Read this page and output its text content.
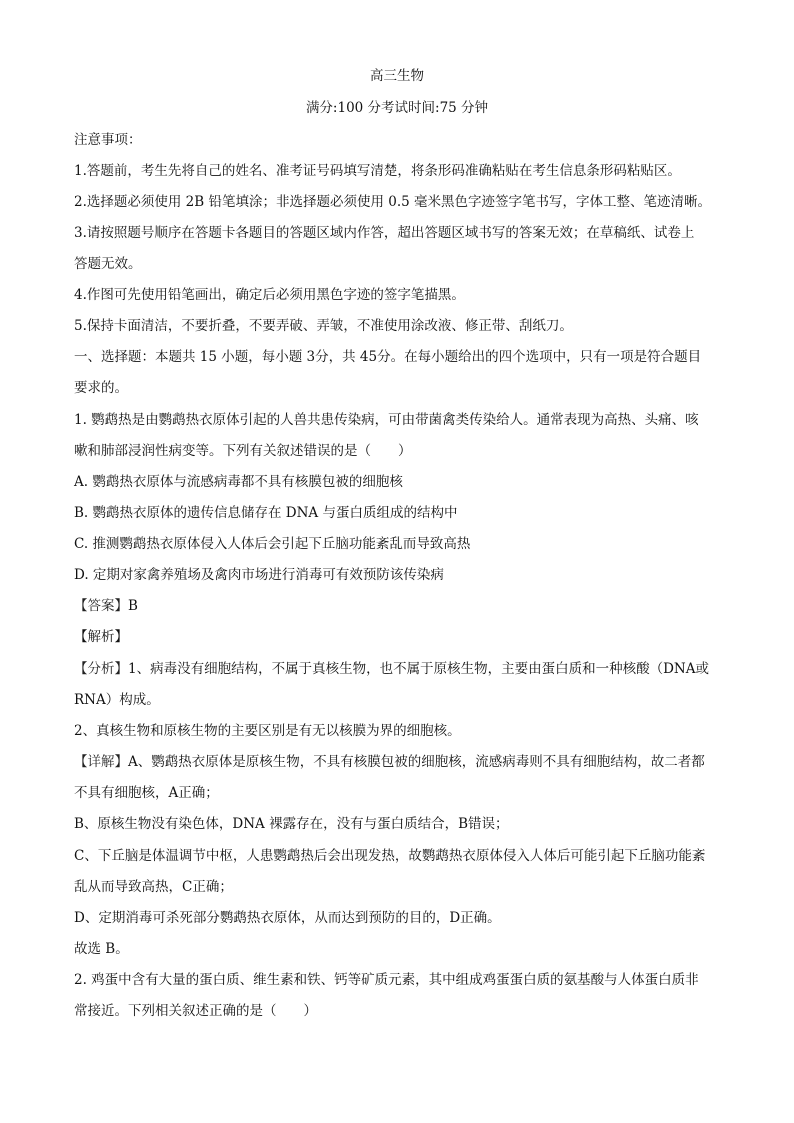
高三生物
满分:100 分考试时间:75 分钟
注意事项：
1.答题前，考生先将自己的姓名、准考证号码填写清楚，将条形码准确粘贴在考生信息条形码粘贴区。
2.选择题必须使用 2B 铅笔填涂；非选择题必须使用 0.5 毫米黑色字迹签字笔书写，字体工整、笔迹清晰。
3.请按照题号顺序在答题卡各题目的答题区域内作答，超出答题区域书写的答案无效；在草稿纸、试卷上
答题无效。
4.作图可先使用铅笔画出，确定后必须用黑色字迹的签字笔描黑。
5.保持卡面清洁，不要折叠，不要弄破、弄皱，不准使用涂改液、修正带、刮纸刀。
一、选择题：本题共 15 小题，每小题 3分，共 45分。在每小题给出的四个选项中，只有一项是符合题目
要求的。
1. 鹦鹉热是由鹦鹉热衣原体引起的人兽共患传染病，可由带菌禽类传染给人。通常表现为高热、头痛、咳
嗽和肺部浸润性病变等。下列有关叙述错误的是（　　）
A. 鹦鹉热衣原体与流感病毒都不具有核膜包被的细胞核
B. 鹦鹉热衣原体的遗传信息储存在 DNA 与蛋白质组成的结构中
C. 推测鹦鹉热衣原体侵入人体后会引起下丘脑功能紊乱而导致高热
D. 定期对家禽养殖场及禽肉市场进行消毒可有效预防该传染病
【答案】B
【解析】
【分析】1、病毒没有细胞结构，不属于真核生物，也不属于原核生物，主要由蛋白质和一种核酸（DNA或
RNA）构成。
2、真核生物和原核生物的主要区别是有无以核膜为界的细胞核。
【详解】A、鹦鹉热衣原体是原核生物，不具有核膜包被的细胞核，流感病毒则不具有细胞结构，故二者都
不具有细胞核，A正确；
B、原核生物没有染色体，DNA 裸露存在，没有与蛋白质结合，B错误；
C、下丘脑是体温调节中枢，人患鹦鹉热后会出现发热，故鹦鹉热衣原体侵入人体后可能引起下丘脑功能紊
乱从而导致高热，C正确；
D、定期消毒可杀死部分鹦鹉热衣原体，从而达到预防的目的，D正确。
故选 B。
2. 鸡蛋中含有大量的蛋白质、维生素和铁、钙等矿质元素，其中组成鸡蛋蛋白质的氨基酸与人体蛋白质非
常接近。下列相关叙述正确的是（　　）
